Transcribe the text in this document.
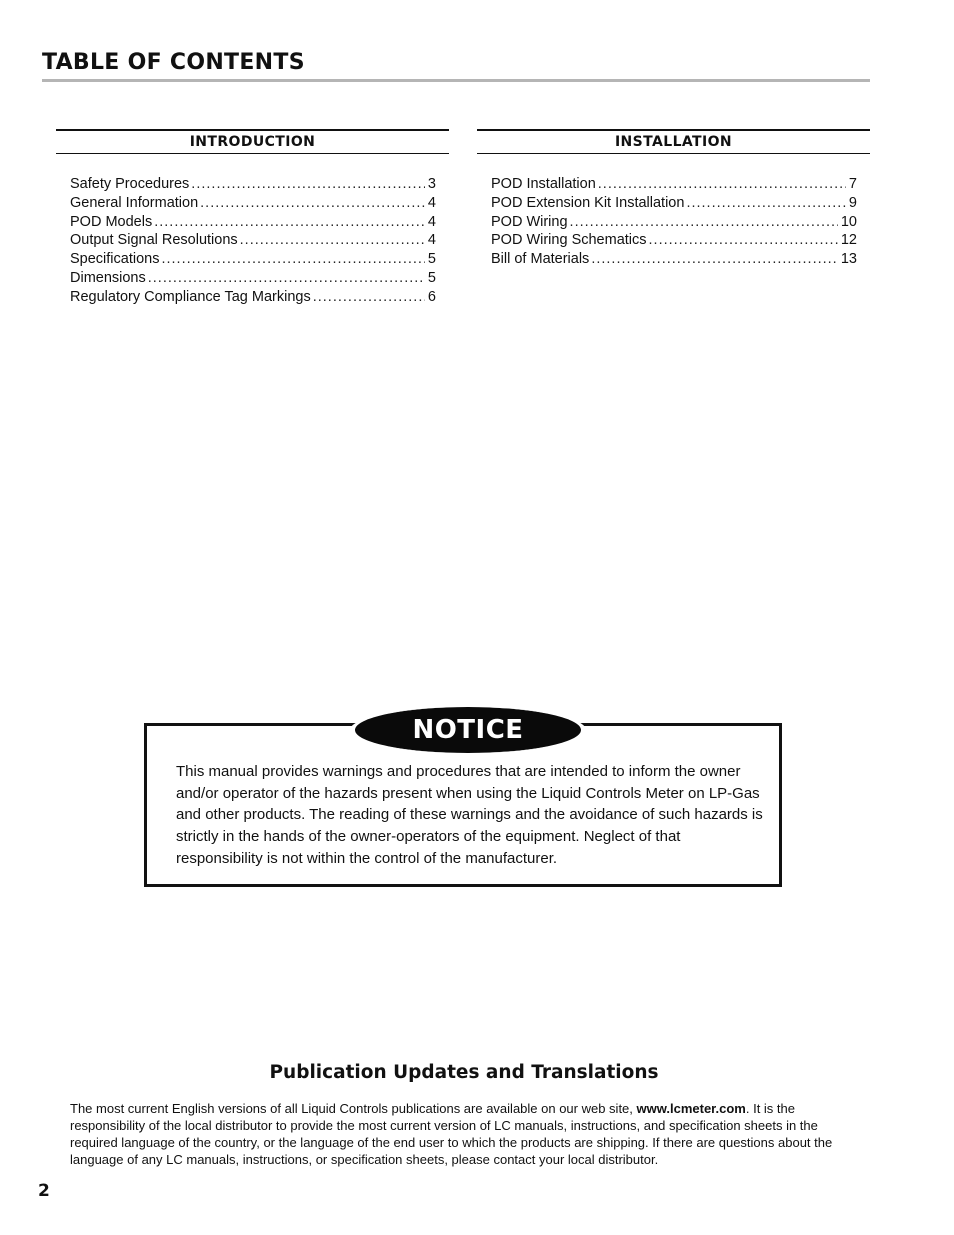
TABLE OF CONTENTS
INTRODUCTION
Safety Procedures .....	3
General Information .....	4
POD Models .....	4
Output Signal Resolutions .....	4
Specifications .....	5
Dimensions .....	5
Regulatory Compliance Tag Markings .....	6
INSTALLATION
POD Installation .....	7
POD Extension Kit Installation .....	9
POD Wiring .....	10
POD Wiring Schematics .....	12
Bill of Materials .....	13
NOTICE

This manual provides warnings and procedures that are intended to inform the owner and/or operator of the hazards present when using the Liquid Controls Meter on LP-Gas and other products. The reading of these warnings and the avoidance of such hazards is strictly in the hands of the owner-operators of the equipment. Neglect of that responsibility is not within the control of the manufacturer.

Publication Updates and Translations

The most current English versions of all Liquid Controls publications are available on our web site, www.lcmeter.com. It is the responsibility of the local distributor to provide the most current version of LC manuals, instructions, and specification sheets in the required language of the country, or the language of the end user to which the products are shipping. If there are questions about the language of any LC manuals, instructions, or specification sheets, please contact your local distributor.

2
